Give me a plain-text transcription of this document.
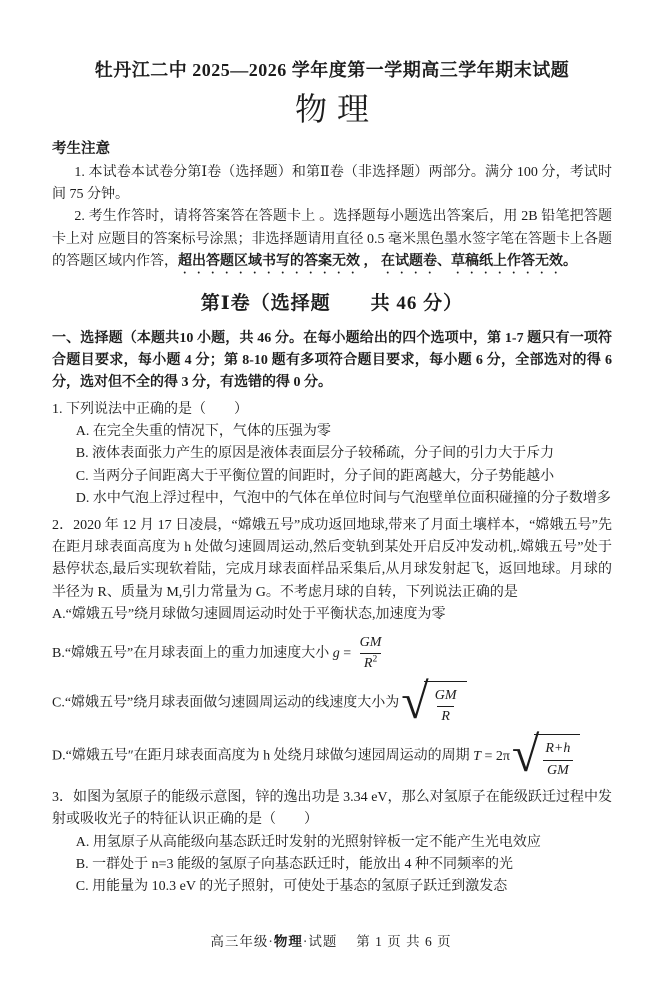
牡丹江二中 2025—2026 学年度第一学期高三学年期末试题
物理
考生注意

1. 本试卷本试卷分第Ⅰ卷（选择题）和第Ⅱ卷（非选择题）两部分。满分 100 分，考试时间 75 分钟。

2. 考生作答时，请将答案答在答题卡上 。选择题每小题选出答案后，用 2B 铅笔把答题卡上对 应题目的答案标号涂黑；非选择题请用直径 0.5 毫米黑色墨水签字笔在答题卡上各题的答题区域内作答，超出答题区域书写的答案无效 ， 在试题卷、草稿纸上作答无效。

第Ⅰ卷（选择题　　共 46 分）

一、选择题（本题共10 小题，共 46 分。在每小题给出的四个选项中，第 1-7 题只有一项符合题目要求，每小题 4 分；第 8-10 题有多项符合题目要求，每小题 6 分，全部选对的得 6 分，选对但不全的得 3 分，有选错的得 0 分。

1. 下列说法中正确的是（　　）

A. 在完全失重的情况下，气体的压强为零

B. 液体表面张力产生的原因是液体表面层分子较稀疏，分子间的引力大于斥力

C. 当两分子间距离大于平衡位置的间距时，分子间的距离越大，分子势能越小

D. 水中气泡上浮过程中，气泡中的气体在单位时间与气泡壁单位面积碰撞的分子数增多

2．2020 年 12 月 17 日凌晨，“嫦娥五号”成功返回地球,带来了月面土壤样本，“嫦娥五号”先在距月球表面高度为 h 处做匀速圆周运动,然后变轨到某处开启反冲发动机,.嫦娥五号”处于悬停状态,最后实现软着陆，完成月球表面样品采集后,从月球发射起飞，返回地球。月球的半径为 R、质量为 M,引力常量为 G。不考虑月球的自转，下列说法正确的是

A.“嫦娥五号”绕月球做匀速圆周运动时处于平衡状态,加速度为零

B.“嫦娥五号”在月球表面上的重力加速度大小 $g = \frac{GM}{R^2}$

C.“嫦娥五号”绕月球表面做匀速圆周运动的线速度大小为 √ $\frac{GM}{R}$

D.“嫦娥五号″在距月球表面高度为 h 处绕月球做匀速园周运动的周期 T = 2π √ $\frac{R+h}{GM}$

3．如图为氢原子的能级示意图，锌的逸出功是 3.34 eV，那么对氢原子在能级跃迁过程中发射或吸收光子的特征认识正确的是（　　）

A. 用氢原子从高能级向基态跃迁时发射的光照射锌板一定不能产生光电效应

B. 一群处于 n=3 能级的氢原子向基态跃迁时，能放出 4 种不同频率的光

C. 用能量为 10.3 eV 的光子照射，可使处于基态的氢原子跃迁到激发态

高三年级·物理·试题 第 1 页 共 6 页
